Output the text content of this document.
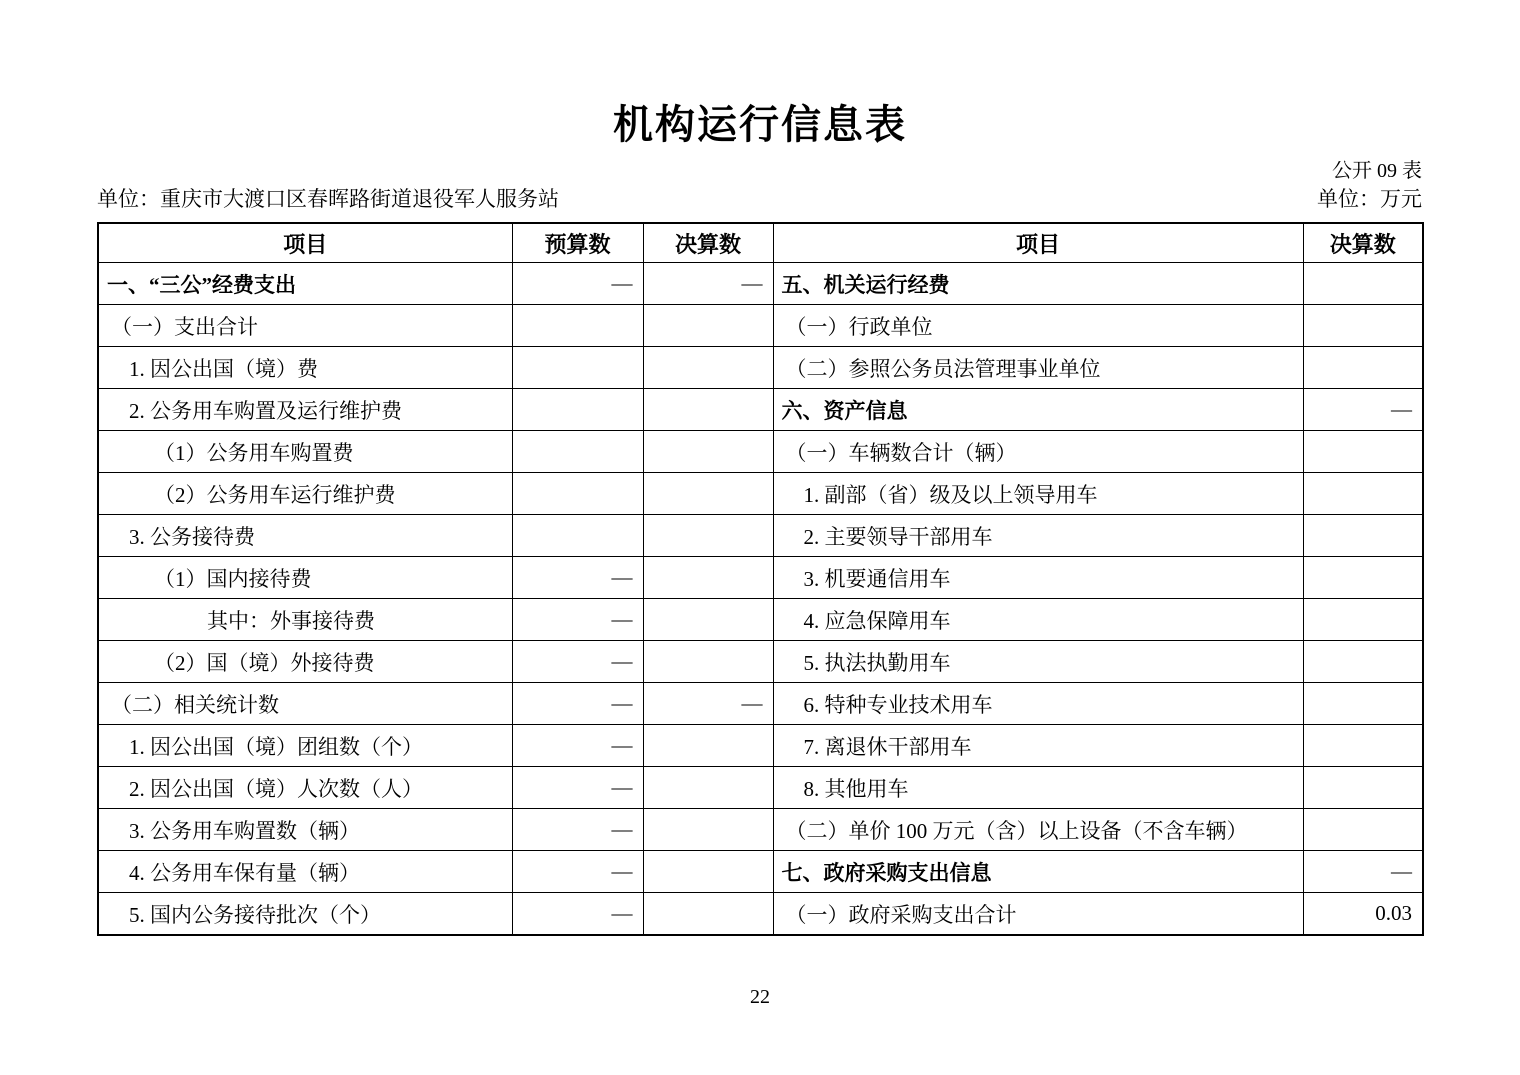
机构运行信息表
公开 09 表
单位：重庆市大渡口区春晖路街道退役军人服务站	单位：万元
项目	预算数	决算数	项目	决算数
一、“三公”经费支出	—	—	五、机关运行经费	
（一）支出合计			（一）行政单位	
1. 因公出国（境）费			（二）参照公务员法管理事业单位	
2. 公务用车购置及运行维护费			六、资产信息	—
（1）公务用车购置费			（一）车辆数合计（辆）	
（2）公务用车运行维护费			1. 副部（省）级及以上领导用车	
3. 公务接待费			2. 主要领导干部用车	
（1）国内接待费	—		3. 机要通信用车	
其中：外事接待费	—		4. 应急保障用车	
（2）国（境）外接待费	—		5. 执法执勤用车	
（二）相关统计数	—	—	6. 特种专业技术用车	
1. 因公出国（境）团组数（个）	—		7. 离退休干部用车	
2. 因公出国（境）人次数（人）	—		8. 其他用车	
3. 公务用车购置数（辆）	—		（二）单价 100 万元（含）以上设备（不含车辆）	
4. 公务用车保有量（辆）	—		七、政府采购支出信息	—
5. 国内公务接待批次（个）	—		（一）政府采购支出合计	0.03
22
